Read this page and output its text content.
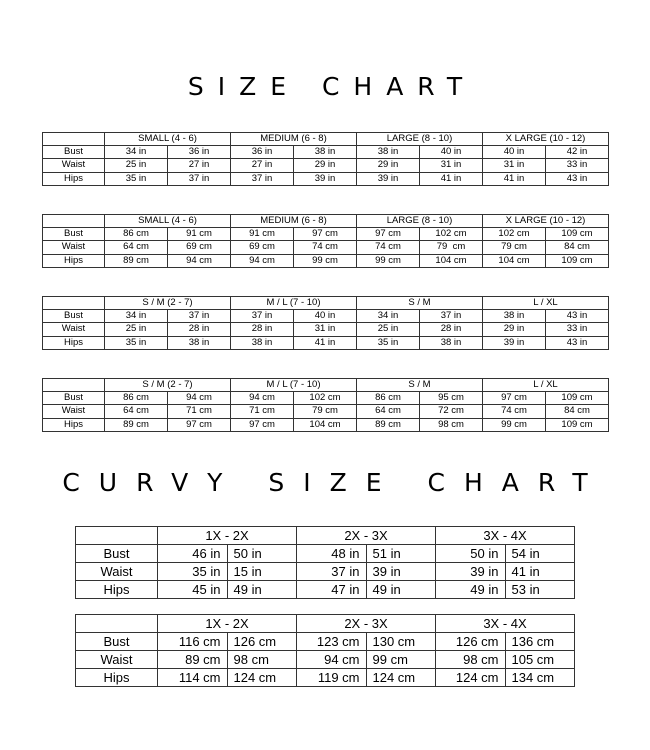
SIZE CHART
	SMALL (4 - 6)		MEDIUM (6 - 8)		LARGE (8 - 10)		X LARGE (10 - 12)	
Bust	34 in	36 in	36 in	38 in	38 in	40 in	40 in	42 in
Waist	25 in	27 in	27 in	29 in	29 in	31 in	31 in	33 in
Hips	35 in	37 in	37 in	39 in	39 in	41 in	41 in	43 in
	SMALL (4 - 6)		MEDIUM (6 - 8)		LARGE (8 - 10)		X LARGE (10 - 12)	
Bust	86 cm	91 cm	91 cm	97 cm	97 cm	102 cm	102 cm	109 cm
Waist	64 cm	69 cm	69 cm	74 cm	74 cm	79  cm	79 cm	84 cm
Hips	89 cm	94 cm	94 cm	99 cm	99 cm	104 cm	104 cm	109 cm
	S / M (2 - 7)		M / L (7 - 10)		S / M		L / XL	
Bust	34 in	37 in	37 in	40 in	34 in	37 in	38 in	43 in
Waist	25 in	28 in	28 in	31 in	25 in	28 in	29 in	33 in
Hips	35 in	38 in	38 in	41 in	35 in	38 in	39 in	43 in
	S / M (2 - 7)		M / L (7 - 10)		S / M		L / XL	
Bust	86 cm	94 cm	94 cm	102 cm	86 cm	95 cm	97 cm	109 cm
Waist	64 cm	71 cm	71 cm	79 cm	64 cm	72 cm	74 cm	84 cm
Hips	89 cm	97 cm	97 cm	104 cm	89 cm	98 cm	99 cm	109 cm
CURVY SIZE CHART
	1X - 2X		2X - 3X		3X - 4X	
Bust	46 in	50 in	48 in	51 in	50 in	54 in
Waist	35 in	15 in	37 in	39 in	39 in	41 in
Hips	45 in	49 in	47 in	49 in	49 in	53 in
	1X - 2X		2X - 3X		3X - 4X	
Bust	116 cm	126 cm	123 cm	130 cm	126 cm	136 cm
Waist	89 cm	98 cm	94 cm	99 cm	98 cm	105 cm
Hips	114 cm	124 cm	119 cm	124 cm	124 cm	134 cm
